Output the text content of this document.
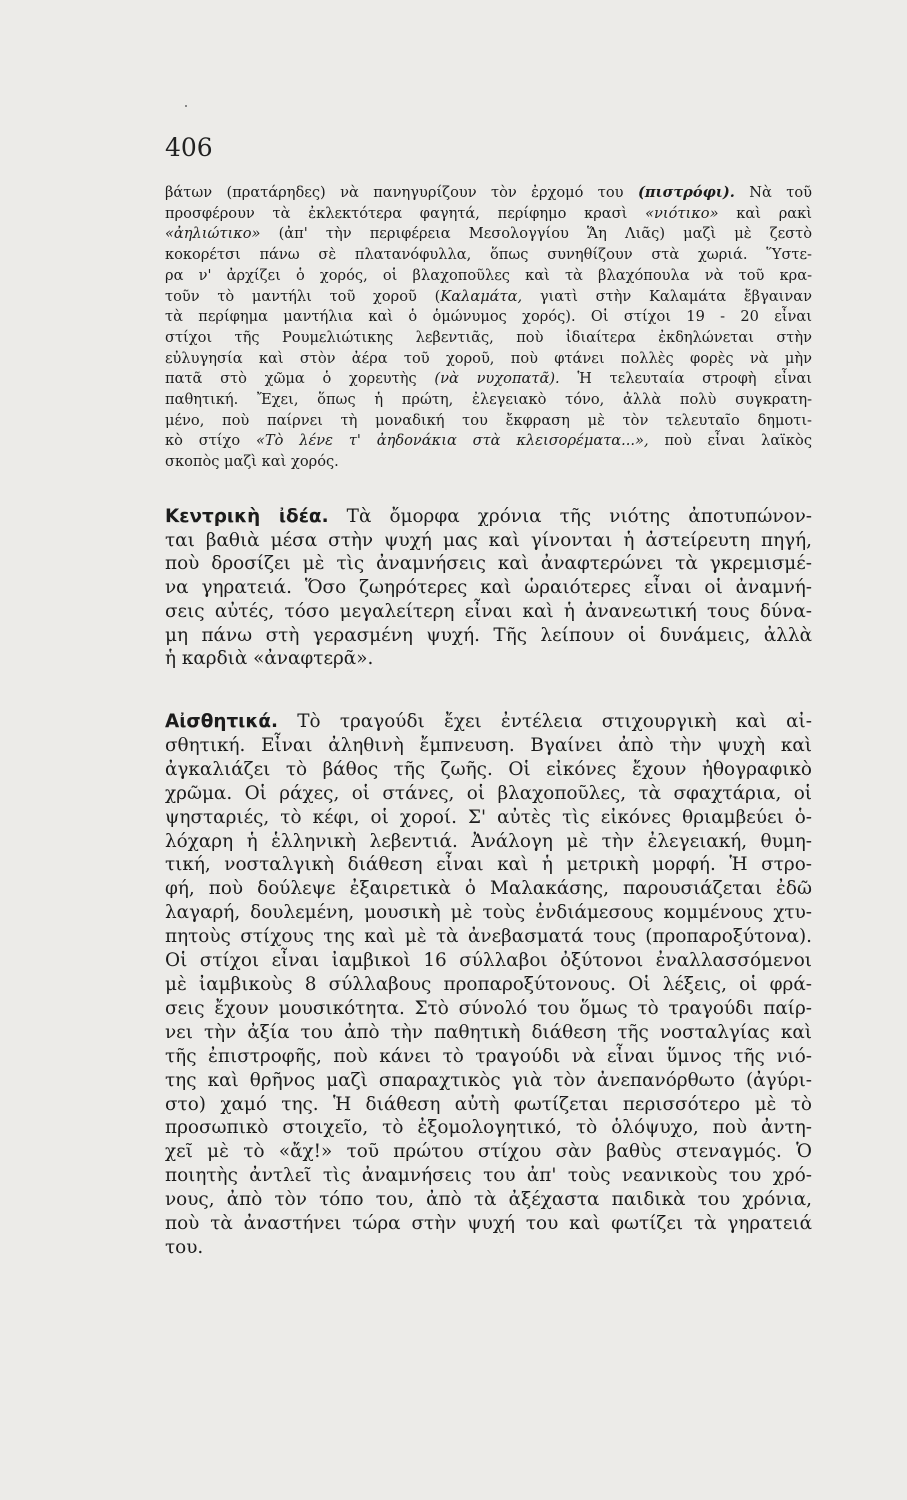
406
βάτων (πρατάρηδες) νὰ πανηγυρίζουν τὸν ἐρχομό του (πιστρόφι). Νὰ τοῦ
προσφέρουν τὰ ἐκλεκτότερα φαγητά, περίφημο κρασὶ «νιότικο» καὶ ρακὶ
«ἀηλιώτικο» (ἀπ' τὴν περιφέρεια Μεσολογγίου Ἅη Λιᾶς) μαζὶ μὲ ζεστὸ
κοκορέτσι πάνω σὲ πλατανόφυλλα, ὅπως συνηθίζουν στὰ χωριά. Ὕστε-
ρα ν' ἀρχίζει ὁ χορός, οἱ βλαχοποῦλες καὶ τὰ βλαχόπουλα νὰ τοῦ κρα-
τοῦν τὸ μαντήλι τοῦ χοροῦ (Καλαμάτα, γιατὶ στὴν Καλαμάτα ἔβγαιναν
τὰ περίφημα μαντήλια καὶ ὁ ὁμώνυμος χορός). Οἱ στίχοι 19 - 20 εἶναι
στίχοι τῆς Ρουμελιώτικης λεβεντιᾶς, ποὺ ἰδιαίτερα ἐκδηλώνεται στὴν
εὐλυγησία καὶ στὸν ἀέρα τοῦ χοροῦ, ποὺ φτάνει πολλὲς φορὲς νὰ μὴν
πατᾶ στὸ χῶμα ὁ χορευτὴς (νὰ νυχοπατᾶ). Ἡ τελευταία στροφὴ εἶναι
παθητική. Ἔχει, ὅπως ἡ πρώτη, ἐλεγειακὸ τόνο, ἀλλὰ πολὺ συγκρατη-
μένο, ποὺ παίρνει τὴ μοναδική του ἔκφραση μὲ τὸν τελευταῖο δημοτι-
κὸ στίχο «Τὸ λένε τ' ἀηδονάκια στὰ κλεισορέματα...», ποὺ εἶναι λαϊκὸς
σκοπὸς μαζὶ καὶ χορός.
Κεντρικὴ ἰδέα. Τὰ ὄμορφα χρόνια τῆς νιότης ἀποτυπώνον-
ται βαθιὰ μέσα στὴν ψυχή μας καὶ γίνονται ἡ ἀστείρευτη πηγή,
ποὺ δροσίζει μὲ τὶς ἀναμνήσεις καὶ ἀναφτερώνει τὰ γκρεμισμέ-
να γηρατειά. Ὅσο ζωηρότερες καὶ ὡραιότερες εἶναι οἱ ἀναμνή-
σεις αὐτές, τόσο μεγαλείτερη εἶναι καὶ ἡ ἀνανεωτική τους δύνα-
μη πάνω στὴ γερασμένη ψυχή. Τῆς λείπουν οἱ δυνάμεις, ἀλλὰ
ἡ καρδιὰ «ἀναφτερᾶ».
Αἰσθητικά. Τὸ τραγούδι ἔχει ἐντέλεια στιχουργικὴ καὶ αἰ-
σθητική. Εἶναι ἀληθινὴ ἔμπνευση. Βγαίνει ἀπὸ τὴν ψυχὴ καὶ
ἀγκαλιάζει τὸ βάθος τῆς ζωῆς. Οἱ εἰκόνες ἔχουν ἠθογραφικὸ
χρῶμα. Οἱ ράχες, οἱ στάνες, οἱ βλαχοποῦλες, τὰ σφαχτάρια, οἱ
ψησταριές, τὸ κέφι, οἱ χοροί. Σ' αὐτὲς τὶς εἰκόνες θριαμβεύει ὁ-
λόχαρη ἡ ἑλληνικὴ λεβεντιά. Ἀνάλογη μὲ τὴν ἐλεγειακή, θυμη-
τική, νοσταλγικὴ διάθεση εἶναι καὶ ἡ μετρικὴ μορφή. Ἡ στρο-
φή, ποὺ δούλεψε ἐξαιρετικὰ ὁ Μαλακάσης, παρουσιάζεται ἐδῶ
λαγαρή, δουλεμένη, μουσικὴ μὲ τοὺς ἐνδιάμεσους κομμένους χτυ-
πητοὺς στίχους της καὶ μὲ τὰ ἀνεβασματά τους (προπαροξύτονα).
Οἱ στίχοι εἶναι ἰαμβικοὶ 16 σύλλαβοι ὀξύτονοι ἐναλλασσόμενοι
μὲ ἰαμβικοὺς 8 σύλλαβους προπαροξύτονους. Οἱ λέξεις, οἱ φρά-
σεις ἔχουν μουσικότητα. Στὸ σύνολό του ὅμως τὸ τραγούδι παίρ-
νει τὴν ἀξία του ἀπὸ τὴν παθητικὴ διάθεση τῆς νοσταλγίας καὶ
τῆς ἐπιστροφῆς, ποὺ κάνει τὸ τραγούδι νὰ εἶναι ὕμνος τῆς νιό-
της καὶ θρῆνος μαζὶ σπαραχτικὸς γιὰ τὸν ἀνεπανόρθωτο (ἀγύρι-
στο) χαμό της. Ἡ διάθεση αὐτὴ φωτίζεται περισσότερο μὲ τὸ
προσωπικὸ στοιχεῖο, τὸ ἐξομολογητικό, τὸ ὁλόψυχο, ποὺ ἀντη-
χεῖ μὲ τὸ «ἄχ!» τοῦ πρώτου στίχου σὰν βαθὺς στεναγμός. Ὁ
ποιητὴς ἀντλεῖ τὶς ἀναμνήσεις του ἀπ' τοὺς νεανικοὺς του χρό-
νους, ἀπὸ τὸν τόπο του, ἀπὸ τὰ ἀξέχαστα παιδικὰ του χρόνια,
ποὺ τὰ ἀναστήνει τώρα στὴν ψυχή του καὶ φωτίζει τὰ γηρατειά
του.
